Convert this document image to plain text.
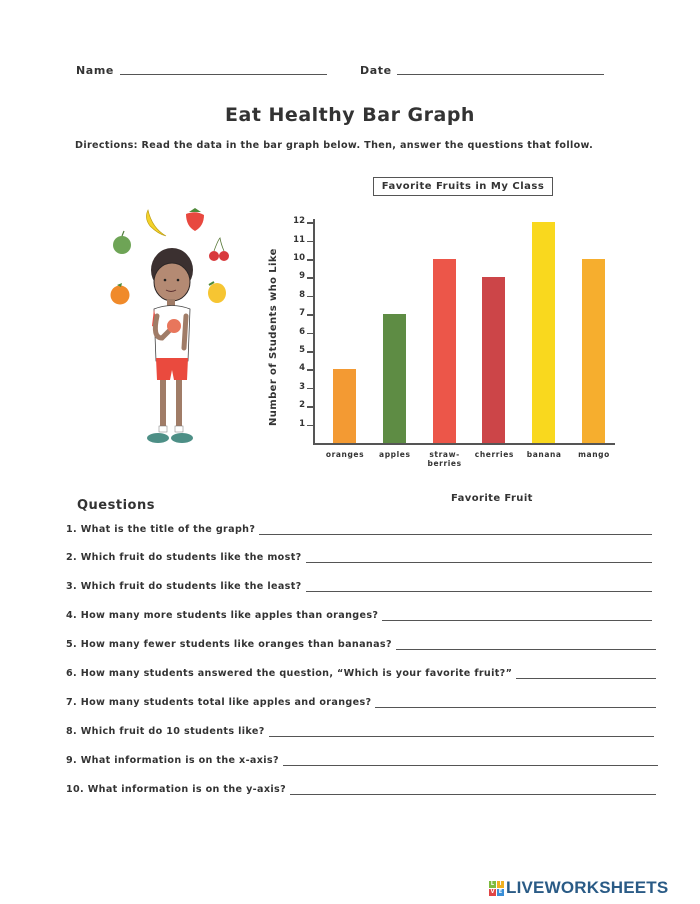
Name	Date
Eat Healthy Bar Graph
Directions: Read the data in the bar graph below. Then, answer the questions that follow.
Favorite Fruits in My Class
Number of Students who Like	1
2
3
4
5
6
7
8
9
10
11
12
oranges	apples	straw-
berries
cherries	banana	mango
Favorite Fruit
Questions
1. What is the title of the graph?
2. Which fruit do students like the most?
3. Which fruit do students like the least?
4. How many more students like apples than oranges?
5. How many fewer students like oranges than bananas?
6. How many students answered the question, “Which is your favorite fruit?”
7. How many students total like apples and oranges?
8. Which fruit do 10 students like?
9. What information is on the x-axis?
10. What information is on the y-axis?
L	I
V E LIVEWORKSHEETS
